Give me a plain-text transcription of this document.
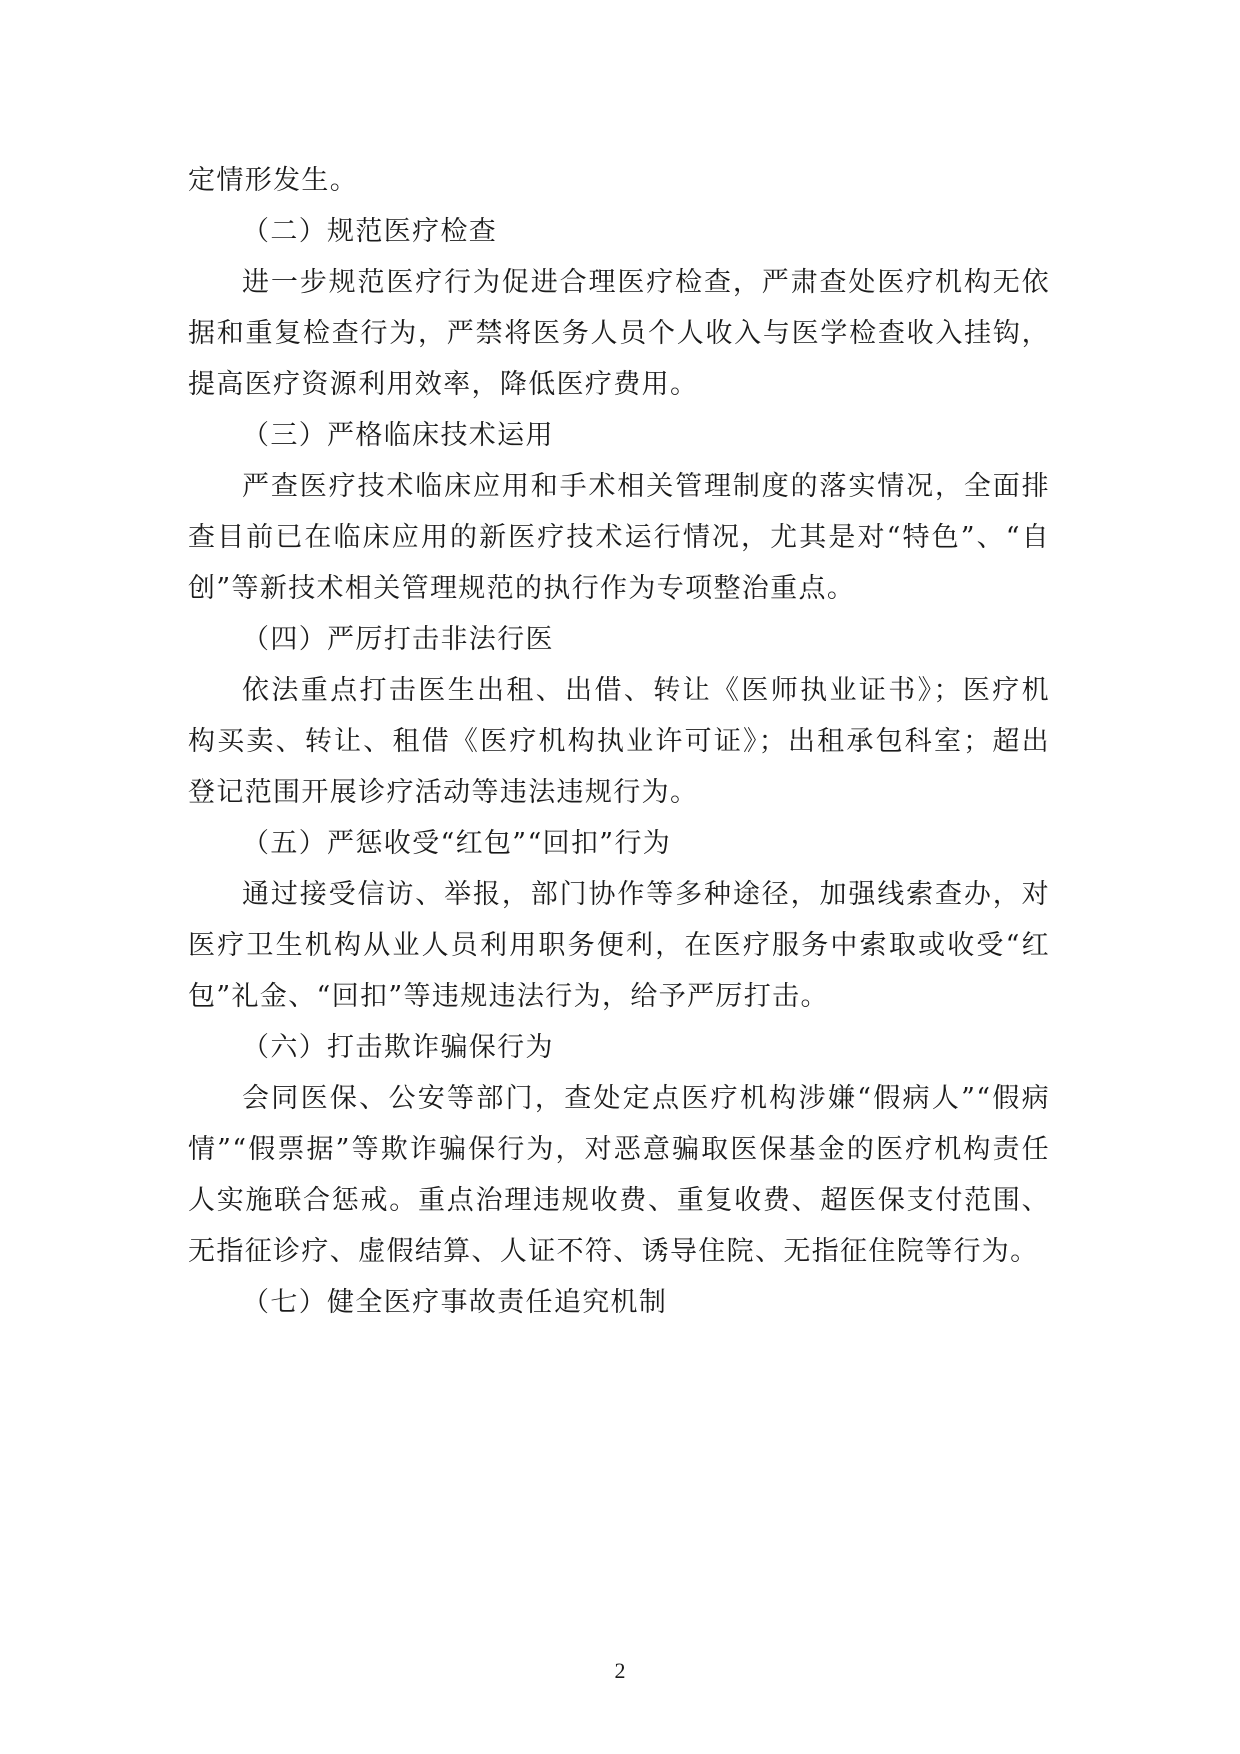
定情形发生。

（二）规范医疗检查

进一步规范医疗行为促进合理医疗检查，严肃查处医疗机构无依据和重复检查行为，严禁将医务人员个人收入与医学检查收入挂钩，提高医疗资源利用效率，降低医疗费用。

（三）严格临床技术运用

严查医疗技术临床应用和手术相关管理制度的落实情况，全面排查目前已在临床应用的新医疗技术运行情况，尤其是对“特色”、“自创”等新技术相关管理规范的执行作为专项整治重点。

（四）严厉打击非法行医

依法重点打击医生出租、出借、转让《医师执业证书》；医疗机构买卖、转让、租借《医疗机构执业许可证》；出租承包科室；超出登记范围开展诊疗活动等违法违规行为。

（五）严惩收受“红包”“回扣”行为

通过接受信访、举报，部门协作等多种途径，加强线索查办，对医疗卫生机构从业人员利用职务便利，在医疗服务中索取或收受“红包”礼金、“回扣”等违规违法行为，给予严厉打击。

（六）打击欺诈骗保行为

会同医保、公安等部门，查处定点医疗机构涉嫌“假病人”“假病情”“假票据”等欺诈骗保行为，对恶意骗取医保基金的医疗机构责任人实施联合惩戒。重点治理违规收费、重复收费、超医保支付范围、无指征诊疗、虚假结算、人证不符、诱导住院、无指征住院等行为。

（七）健全医疗事故责任追究机制

2
